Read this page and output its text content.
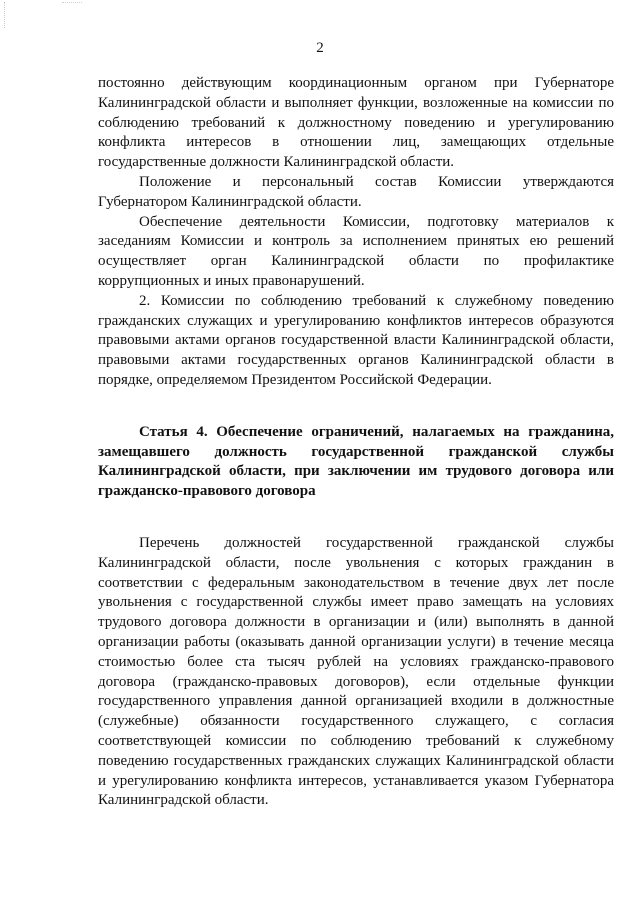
2

постоянно действующим координационным органом при Губернаторе Калининградской области и выполняет функции, возложенные на комиссии по соблюдению требований к должностному поведению и урегулированию конфликта интересов в отношении лиц, замещающих отдельные государственные должности Калининградской области.

Положение и персональный состав Комиссии утверждаются Губернатором Калининградской области.

Обеспечение деятельности Комиссии, подготовку материалов к заседаниям Комиссии и контроль за исполнением принятых ею решений осуществляет орган Калининградской области по профилактике коррупционных и иных правонарушений.

2. Комиссии по соблюдению требований к служебному поведению гражданских служащих и урегулированию конфликтов интересов образуются правовыми актами органов государственной власти Калининградской области, правовыми актами государственных органов Калининградской области в порядке, определяемом Президентом Российской Федерации.

Статья 4. Обеспечение ограничений, налагаемых на гражданина, замещавшего должность государственной гражданской службы Калининградской области, при заключении им трудового договора или гражданско-правового договора

Перечень должностей государственной гражданской службы Калининградской области, после увольнения с которых гражданин в соответствии с федеральным законодательством в течение двух лет после увольнения с государственной службы имеет право замещать на условиях трудового договора должности в организации и (или) выполнять в данной организации работы (оказывать данной организации услуги) в течение месяца стоимостью более ста тысяч рублей на условиях гражданско-правового договора (гражданско-правовых договоров), если отдельные функции государственного управления данной организацией входили в должностные (служебные) обязанности государственного служащего, с согласия соответствующей комиссии по соблюдению требований к служебному поведению государственных гражданских служащих Калининградской области и урегулированию конфликта интересов, устанавливается указом Губернатора Калининградской области.
